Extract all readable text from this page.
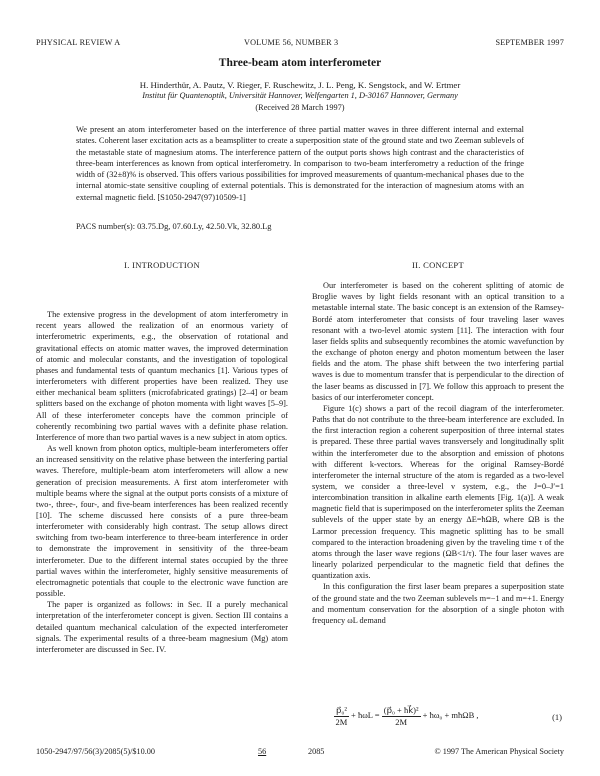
PHYSICAL REVIEW A	VOLUME 56, NUMBER 3	SEPTEMBER 1997
Three-beam atom interferometer
H. Hinderthür, A. Pautz, V. Rieger, F. Ruschewitz, J. L. Peng, K. Sengstock, and W. Ertmer
Institut für Quantenoptik, Universität Hannover, Welfengarten 1, D-30167 Hannover, Germany
(Received 28 March 1997)
We present an atom interferometer based on the interference of three partial matter waves in three different internal and external states. Coherent laser excitation acts as a beamsplitter to create a superposition state of the ground state and two Zeeman sublevels of the metastable state of magnesium atoms. The interference pattern of the output ports shows high contrast and the characteristics of three-beam interferences as known from optical interferometry. In comparison to two-beam interferometry a reduction of the fringe width of (32±8)% is observed. This offers various possibilities for improved measurements of quantum-mechanical phases due to the internal atomic-state sensitive coupling of external potentials. This is demonstrated for the interaction of magnesium atoms with an external magnetic field. [S1050-2947(97)10509-1]
PACS number(s): 03.75.Dg, 07.60.Ly, 42.50.Vk, 32.80.Lg
I. INTRODUCTION

The extensive progress in the development of atom interferometry in recent years allowed the realization of an enormous variety of interferometric experiments, e.g., the observation of rotational and gravitational effects on atomic matter waves, the improved determination of atomic and molecular constants, and the investigation of topological phases and fundamental tests of quantum mechanics [1]. Various types of interferometers with different properties have been realized. They use either mechanical beam splitters (microfabricated gratings) [2–4] or beam splitters based on the exchange of photon momenta with light waves [5–9]. All of these interferometer concepts have the common principle of coherently recombining two partial waves with a definite phase relation. Interference of more than two partial waves is a new subject in atom optics.

As well known from photon optics, multiple-beam interferometers offer an increased sensitivity on the relative phase between the interfering partial waves. Therefore, multiple-beam atom interferometers will allow a new generation of precision measurements. A first atom interferometer with multiple beams where the signal at the output ports consists of a mixture of two-, three-, four-, and five-beam interferences has been realized recently [10]. The scheme discussed here consists of a pure three-beam interferometer with considerably high contrast. The setup allows direct switching from two-beam interference to three-beam interference in order to demonstrate the improvement in sensitivity of the three-beam interferometer. Due to the different internal states occupied by the three partial waves within the interferometer, highly sensitive measurements of electromagnetic potentials that couple to the electronic wave function are possible.

The paper is organized as follows: in Sec. II a purely mechanical interpretation of the interferometer concept is given. Section III contains a detailed quantum mechanical calculation of the expected interferometer signals. The experimental results of a three-beam magnesium (Mg) atom interferometer are discussed in Sec. IV.

II. CONCEPT

Our interferometer is based on the coherent splitting of atomic de Broglie waves by light fields resonant with an optical transition to a metastable internal state. The basic concept is an extension of the Ramsey-Bordé atom interferometer that consists of four traveling laser waves resonant with a two-level atomic system [11]. The interaction with four laser fields splits and subsequently recombines the atomic wavefunction by the exchange of photon energy and photon momentum between the laser fields and the atom. The phase shift between the two interfering partial waves is due to momentum transfer that is perpendicular to the direction of the laser beams as discussed in [7]. We follow this approach to present the basics of our interferometer concept.

Figure 1(c) shows a part of the recoil diagram of the interferometer. Paths that do not contribute to the three-beam interference are excluded. In the first interaction region a coherent superposition of three internal states is prepared. These three partial waves transversely and longitudinally split within the interferometer due to the absorption and emission of photons with different k-vectors. Whereas for the original Ramsey-Bordé interferometer the internal structure of the atom is regarded as a two-level system, we consider a three-level v system, e.g., the J=0–J′=1 intercombination transition in alkaline earth elements [Fig. 1(a)]. A weak magnetic field that is superimposed on the interferometer splits the Zeeman sublevels of the upper state by an energy ΔE=ħΩB, where ΩB is the Larmor precession frequency. This magnetic splitting has to be small compared to the interaction broadening given by the traveling time τ of the atoms through the laser wave regions (ΩB<1/τ). The four laser waves are linearly polarized perpendicular to the magnetic field that defines the quantization axis.

In this configuration the first laser beam prepares a superposition state of the ground state and the two Zeeman sublevels m=−1 and m=+1. Energy and momentum conservation for the absorption of a single photon with frequency ωL demand

$\frac{\text{p⃗₀²}}{2M}$ + ħωL = $\frac{\text{(p⃗₀ + ħk⃗)²}}{2M}$ + ħω₀ + mħΩB ,	(1)
1050-2947/97/56(3)/2085(5)/$10.00	56	2085	© 1997 The American Physical Society
